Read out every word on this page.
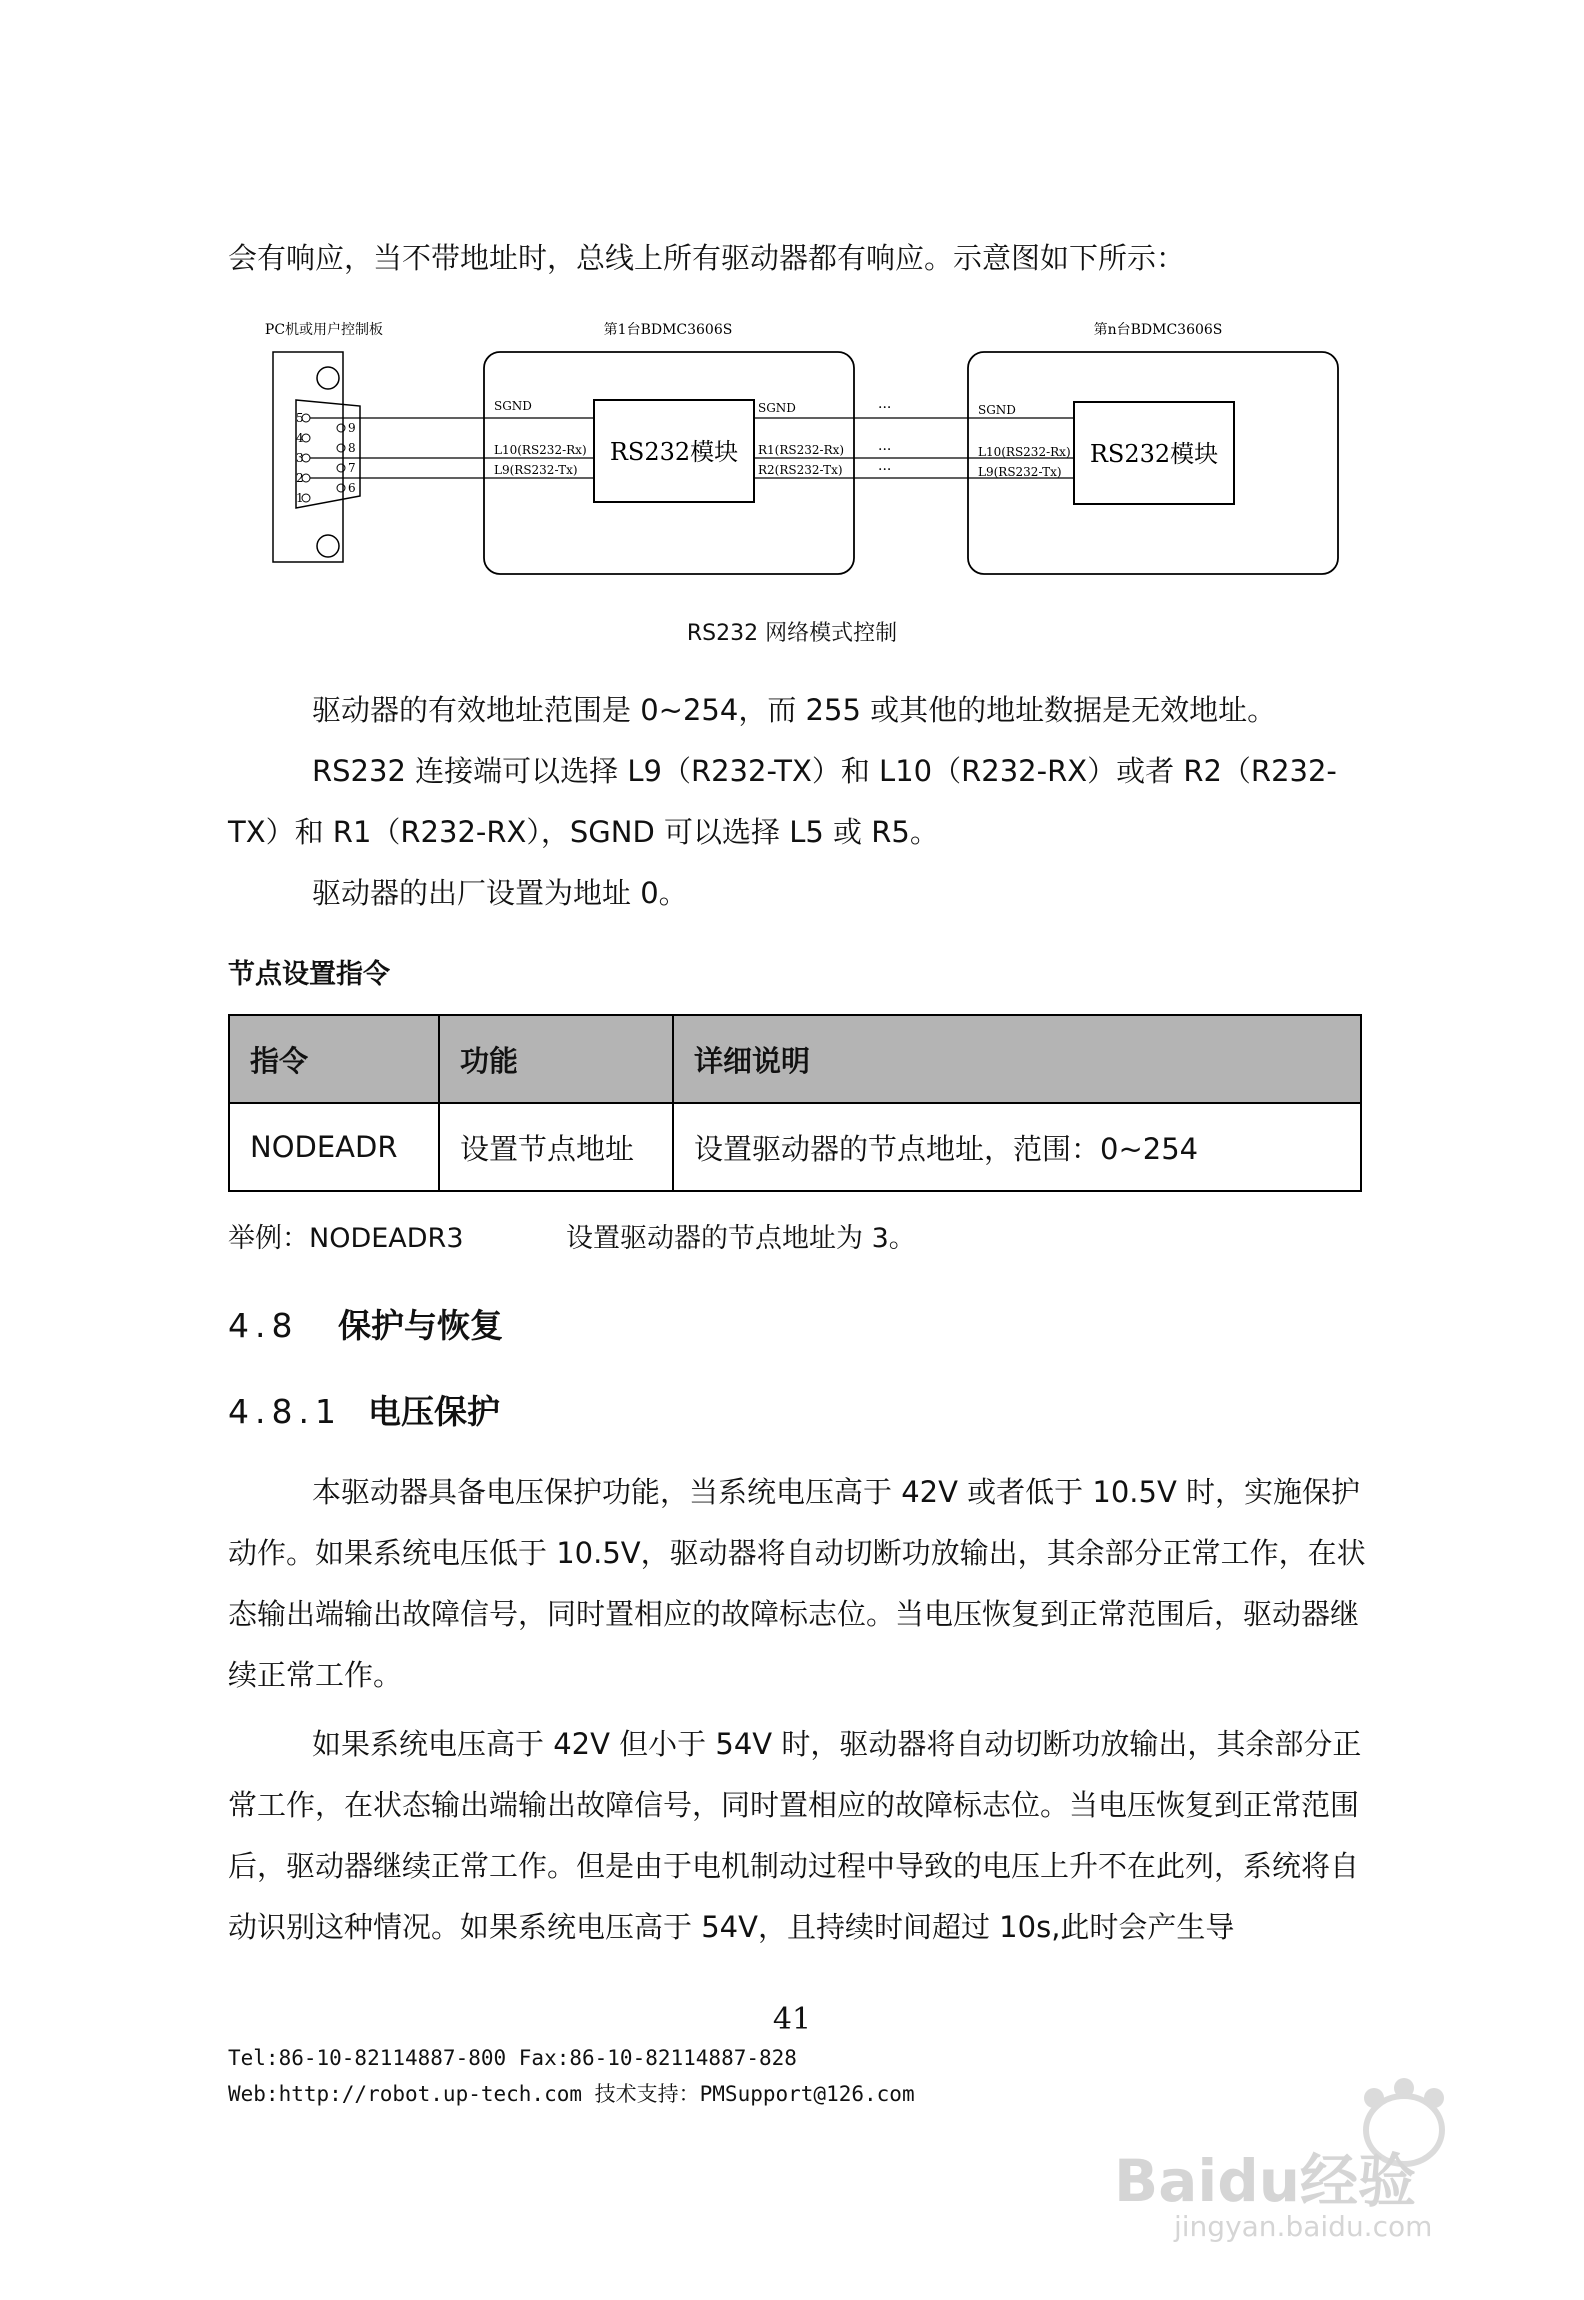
会有响应，当不带地址时，总线上所有驱动器都有响应。示意图如下所示：
PC机或用户控制板
5
4
3
2
1
9
8
7
6
第1台BDMC3606S
RS232模块
SGND
L10(RS232-Rx)
L9(RS232-Tx)
SGND
R1(RS232-Rx)
R2(RS232-Tx)
···
···
···
第n台BDMC3606S
RS232模块
SGND
L10(RS232-Rx)
L9(RS232-Tx)
RS232 网络模式控制
驱动器的有效地址范围是 0~254，而 255 或其他的地址数据是无效地址。
RS232 连接端可以选择 L9（R232-TX）和 L10（R232-RX）或者 R2（R232-TX）和 R1（R232-RX），SGND 可以选择 L5 或 R5。
驱动器的出厂设置为地址 0。
节点设置指令
指令	功能	详细说明
NODEADR	设置节点地址	设置驱动器的节点地址，范围：0~254
举例：NODEADR3	设置驱动器的节点地址为 3。
4.8 保护与恢复
4.8.1 电压保护
本驱动器具备电压保护功能，当系统电压高于 42V 或者低于 10.5V 时，实施保护动作。如果系统电压低于 10.5V，驱动器将自动切断功放输出，其余部分正常工作，在状态输出端输出故障信号，同时置相应的故障标志位。当电压恢复到正常范围后，驱动器继续正常工作。
如果系统电压高于 42V 但小于 54V 时，驱动器将自动切断功放输出，其余部分正常工作，在状态输出端输出故障信号，同时置相应的故障标志位。当电压恢复到正常范围后，驱动器继续正常工作。但是由于电机制动过程中导致的电压上升不在此列，系统将自动识别这种情况。如果系统电压高于 54V，且持续时间超过 10s,此时会产生导
41
Tel:86-10-82114887-800 Fax:86-10-82114887-828
Web:http://robot.up-tech.com 技术支持：PMSupport@126.com
Baidu经验
jingyan.baidu.com
